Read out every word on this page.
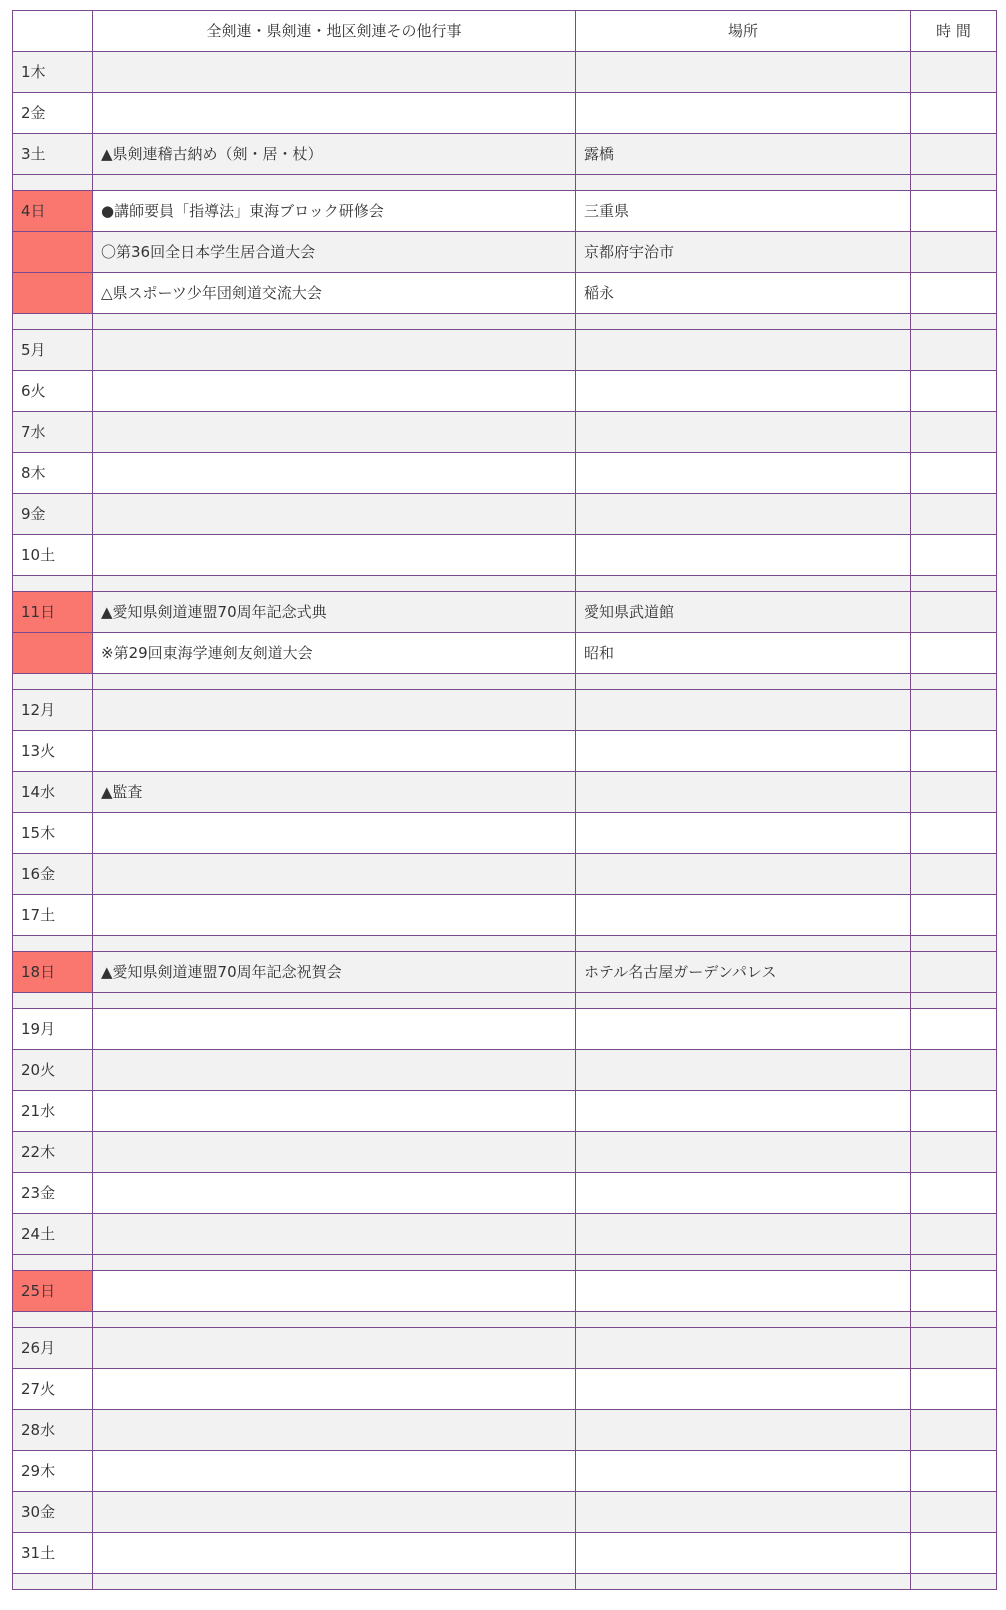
	全剣連・県剣連・地区剣連その他行事	場所	時 間
1木			
2金			
3土	▲県剣連稽古納め（剣・居・杖）	露橋	

4日	●講師要員「指導法」東海ブロック研修会	三重県	
	〇第36回全日本学生居合道大会	京都府宇治市	
	△県スポーツ少年団剣道交流大会	稲永	

5月			
6火			
7水			
8木			
9金			
10土			

11日	▲愛知県剣道連盟70周年記念式典	愛知県武道館	
	※第29回東海学連剣友剣道大会	昭和	

12月			
13火			
14水	▲監査		
15木			
16金			
17土			

18日	▲愛知県剣道連盟70周年記念祝賀会	ホテル名古屋ガーデンパレス	

19月			
20火			
21水			
22木			
23金			
24土			

25日			

26月			
27火			
28水			
29木			
30金			
31土			
